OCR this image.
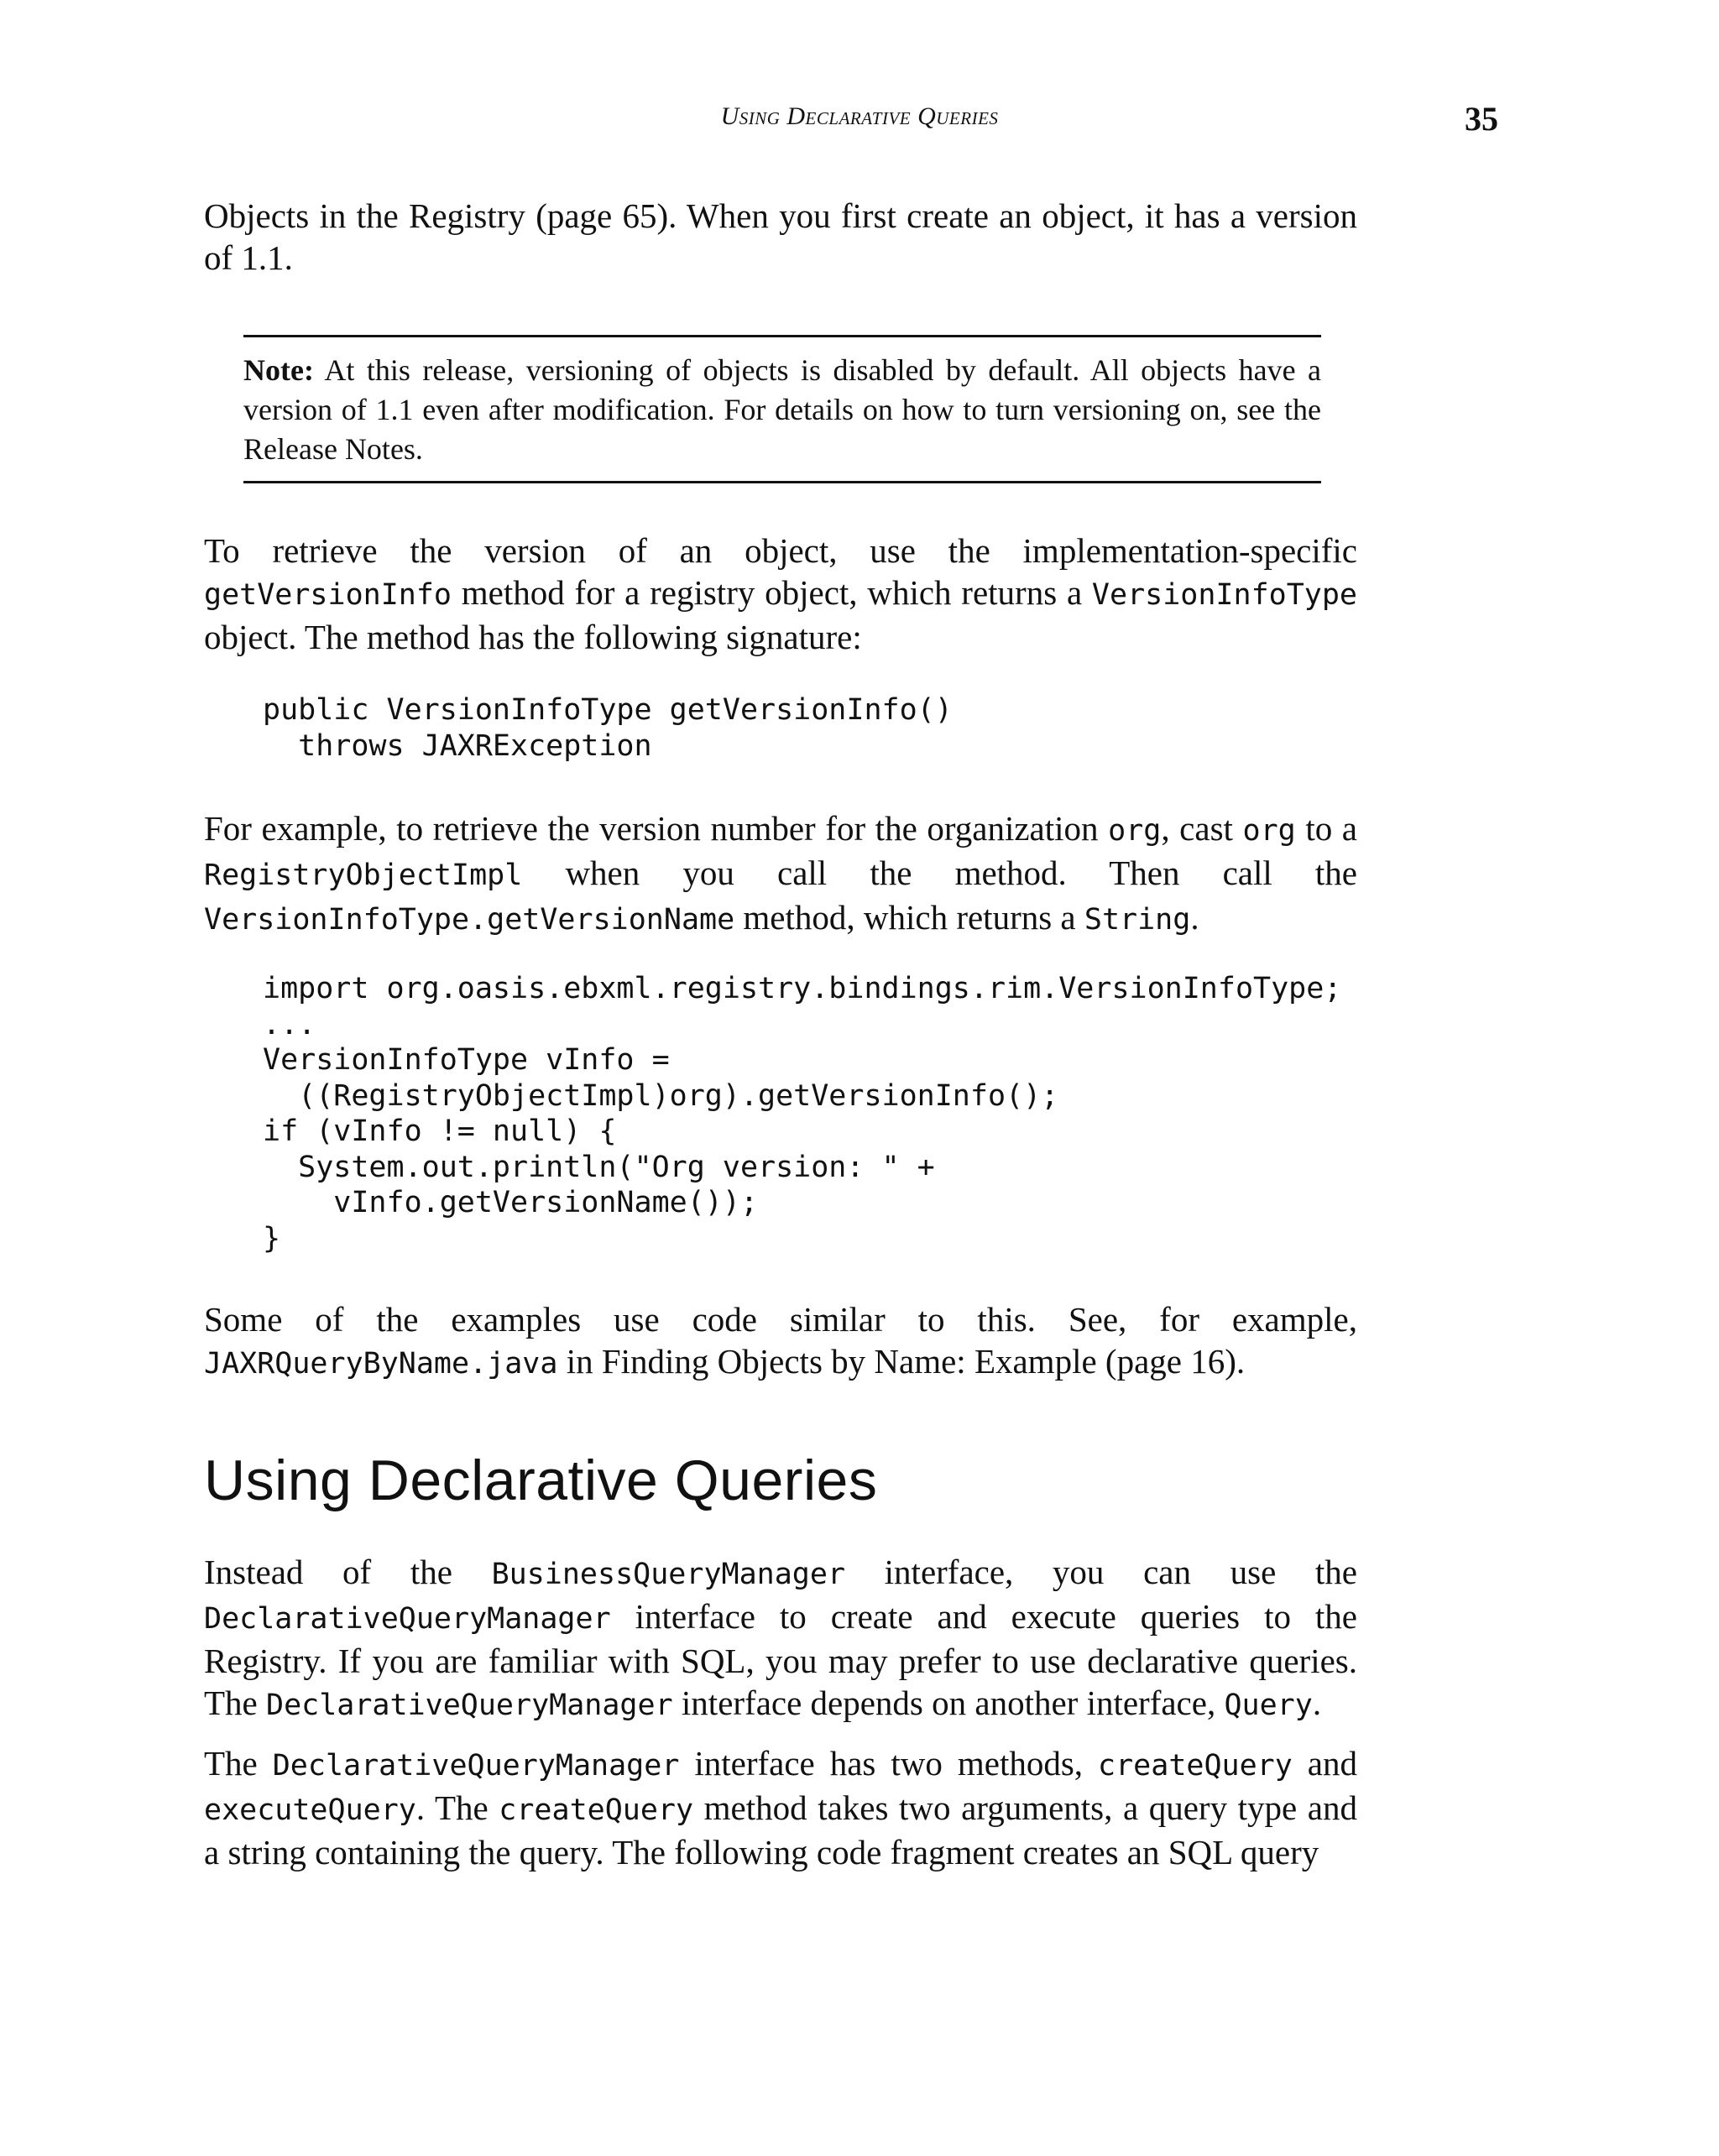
Using Declarative Queries	35

Objects in the Registry (page 65). When you first create an object, it has a version of 1.1.

Note: At this release, versioning of objects is disabled by default. All objects have a version of 1.1 even after modification. For details on how to turn versioning on, see the Release Notes.

To retrieve the version of an object, use the implementation-specific getVersionInfo method for a registry object, which returns a VersionInfoType object. The method has the following signature:

public VersionInfoType getVersionInfo()
throws JAXRException

For example, to retrieve the version number for the organization org, cast org to a RegistryObjectImpl when you call the method. Then call the VersionInfoType.getVersionName method, which returns a String.

import org.oasis.ebxml.registry.bindings.rim.VersionInfoType;
...
VersionInfoType vInfo =
((RegistryObjectImpl)org).getVersionInfo();
if (vInfo != null) {
System.out.println("Org version: " +
vInfo.getVersionName());
}

Some of the examples use code similar to this. See, for example, JAXRQueryByName.java in Finding Objects by Name: Example (page 16).

Using Declarative Queries

Instead of the BusinessQueryManager interface, you can use the DeclarativeQueryManager interface to create and execute queries to the Registry. If you are familiar with SQL, you may prefer to use declarative queries. The DeclarativeQueryManager interface depends on another interface, Query.

The DeclarativeQueryManager interface has two methods, createQuery and executeQuery. The createQuery method takes two arguments, a query type and a string containing the query. The following code fragment creates an SQL query
